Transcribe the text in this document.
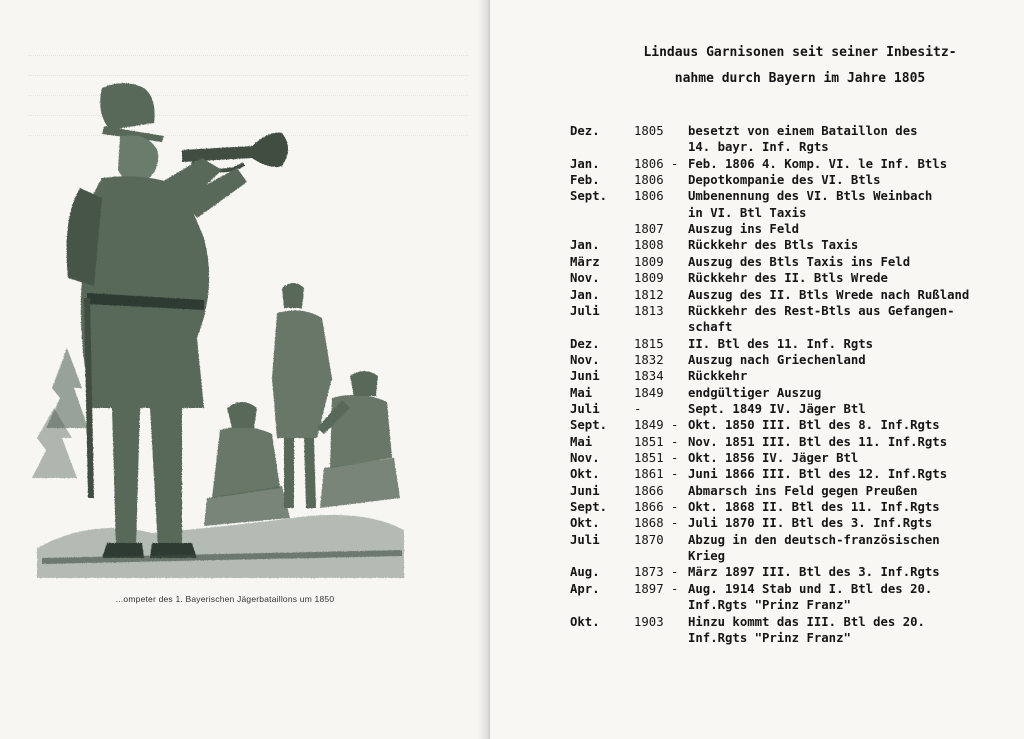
...ompeter des 1. Bayerischen Jägerbataillons um 1850
Lindaus Garnisonen seit seiner Inbesitz-
nahme durch Bayern im Jahre 1805
Dez.	1805 besetzt von einem Bataillon des
14. bayr. Inf. Rgts
Jan.	1806 - Feb. 1806 4. Komp. VI. le Inf. Btls
Feb.	1806 Depotkompanie des VI. Btls
Sept. 1806 Umbenennung des VI. Btls Weinbach
in VI. Btl Taxis
1807 Auszug ins Feld
Jan.	1808 Rückkehr des Btls Taxis
März	1809 Auszug des Btls Taxis ins Feld
Nov.	1809 Rückkehr des II. Btls Wrede
Jan.	1812 Auszug des II. Btls Wrede nach Rußland
Juli	1813 Rückkehr des Rest-Btls aus Gefangen-
schaft
Dez.	1815 II. Btl des 11. Inf. Rgts
Nov.	1832 Auszug nach Griechenland
Juni	1834 Rückkehr
Mai	1849 endgültiger Auszug
Juli	-	Sept. 1849 IV. Jäger Btl
Sept. 1849 - Okt. 1850 III. Btl des 8. Inf.Rgts
Mai	1851 - Nov. 1851 III. Btl des 11. Inf.Rgts
Nov.	1851 - Okt. 1856 IV. Jäger Btl
Okt.	1861 - Juni 1866 III. Btl des 12. Inf.Rgts
Juni	1866 Abmarsch ins Feld gegen Preußen
Sept. 1866 - Okt. 1868 II. Btl des 11. Inf.Rgts
Okt.	1868 - Juli 1870 II. Btl des 3. Inf.Rgts
Juli	1870 Abzug in den deutsch-französischen
Krieg
Aug.	1873 - März 1897 III. Btl des 3. Inf.Rgts
Apr.	1897 - Aug. 1914 Stab und I. Btl des 20.
Inf.Rgts "Prinz Franz"
Okt.	1903 Hinzu kommt das III. Btl des 20.
Inf.Rgts "Prinz Franz"
